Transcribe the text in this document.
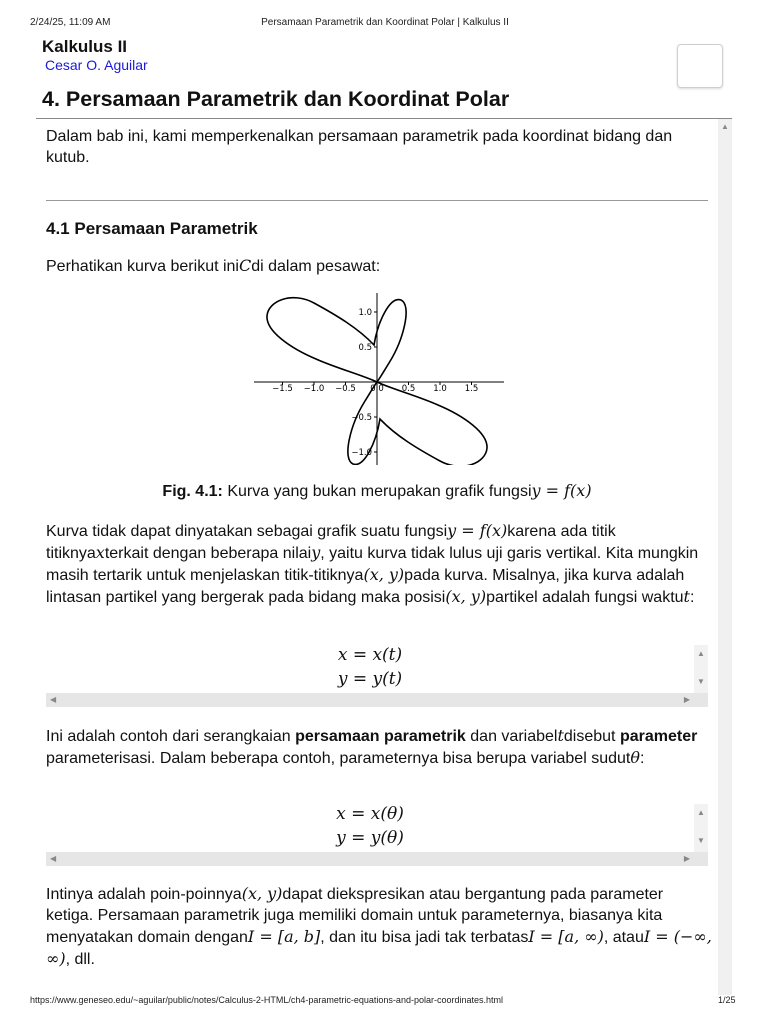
2/24/25, 11:09 AM	Persamaan Parametrik dan Koordinat Polar | Kalkulus II
Kalkulus II
Cesar O. Aguilar
4. Persamaan Parametrik dan Koordinat Polar
▲
Dalam bab ini, kami memperkenalkan persamaan parametrik pada koordinat bidang dan kutub.
4.1 Persamaan Parametrik
Perhatikan kurva berikut iniCdi dalam pesawat:
−1.5 −1.0 −0.5 0.0 0.5 1.0 1.5
1.0
0.5
−0.5
−1.0
Fig. 4.1: Kurva yang bukan merupakan grafik fungsiy = f(x)
Kurva tidak dapat dinyatakan sebagai grafik suatu fungsiy = f(x)karena ada titik titiknyaxterkait dengan beberapa nilaiy, yaitu kurva tidak lulus uji garis vertikal. Kita mungkin masih tertarik untuk menjelaskan titik-titiknya(x, y)pada kurva. Misalnya, jika kurva adalah lintasan partikel yang bergerak pada bidang maka posisi(x, y)partikel adalah fungsi waktut:
x = x(t)
y = y(t)
▲
▼
◀	▶
Ini adalah contoh dari serangkaian persamaan parametrik dan variabeltdisebut parameter parameterisasi. Dalam beberapa contoh, parameternya bisa berupa variabel sudutθ:
x = x(θ)
y = y(θ)
▲
▼
◀	▶
Intinya adalah poin-poinnya(x, y)dapat diekspresikan atau bergantung pada parameter ketiga. Persamaan parametrik juga memiliki domain untuk parameternya, biasanya kita menyatakan domain denganI = [a, b], dan itu bisa jadi tak terbatasI = [a, ∞), atauI = (−∞, ∞), dll.
https://www.geneseo.edu/~aguilar/public/notes/Calculus-2-HTML/ch4-parametric-equations-and-polar-coordinates.html	1/25
